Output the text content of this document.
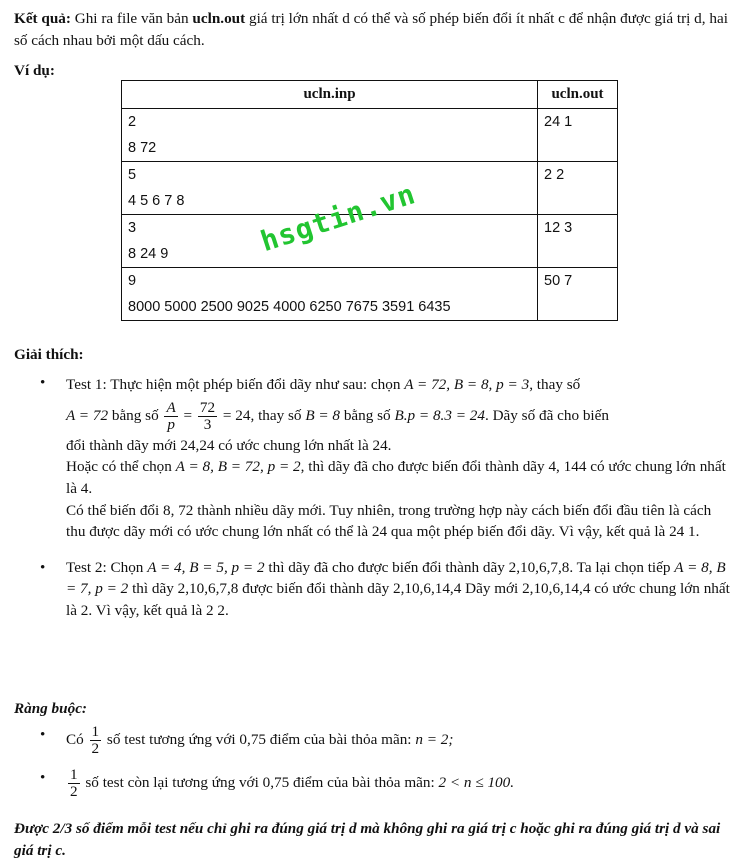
Kết quả: Ghi ra file văn bản ucln.out giá trị lớn nhất d có thể và số phép biến đổi ít nhất c để nhận được giá trị d, hai số cách nhau bởi một dấu cách.
Ví dụ:
ucln.inp	ucln.out

2
8 72	24 1

5
4 5 6 7 8	2 2

3
8 24 9	12 3

9
8000 5000 2500 9025 4000 6250 7675 3591 6435	50 7
hsgtin.vn
Giải thích:
• Test 1: Thực hiện một phép biến đổi dãy như sau: chọn A = 72, B = 8, p = 3, thay số
A = 72 bằng số $\frac{A}{p} = \frac{72}{3} = 24$, thay số B = 8 bằng số B.p = 8.3 = 24. Dãy số đã cho biến
đổi thành dãy mới 24,24 có ước chung lớn nhất là 24.
Hoặc có thể chọn A = 8, B = 72, p = 2, thì dãy đã cho được biến đổi thành dãy 4, 144 có ước chung lớn nhất là 4.
Có thể biến đổi 8, 72 thành nhiều dãy mới. Tuy nhiên, trong trường hợp này cách biến đổi đầu tiên là cách thu được dãy mới có ước chung lớn nhất có thể là 24 qua một phép biến đổi dãy. Vì vậy, kết quả là 24 1.
• Test 2: Chọn A = 4, B = 5, p = 2 thì dãy đã cho được biến đổi thành dãy 2,10,6,7,8. Ta lại chọn tiếp A = 8, B = 7, p = 2 thì dãy 2,10,6,7,8 được biến đổi thành dãy 2,10,6,14,4 Dãy mới 2,10,6,14,4 có ước chung lớn nhất là 2. Vì vậy, kết quả là 2 2.
Ràng buộc:
• Có $\frac{1}{2}$ số test tương ứng với 0,75 điểm của bài thỏa mãn: n = 2;
• $\frac{1}{2}$ số test còn lại tương ứng với 0,75 điểm của bài thỏa mãn: 2 < n ≤ 100.
Được 2/3 số điểm mỗi test nếu chỉ ghi ra đúng giá trị d mà không ghi ra giá trị c hoặc ghi ra đúng giá trị d và sai giá trị c.
